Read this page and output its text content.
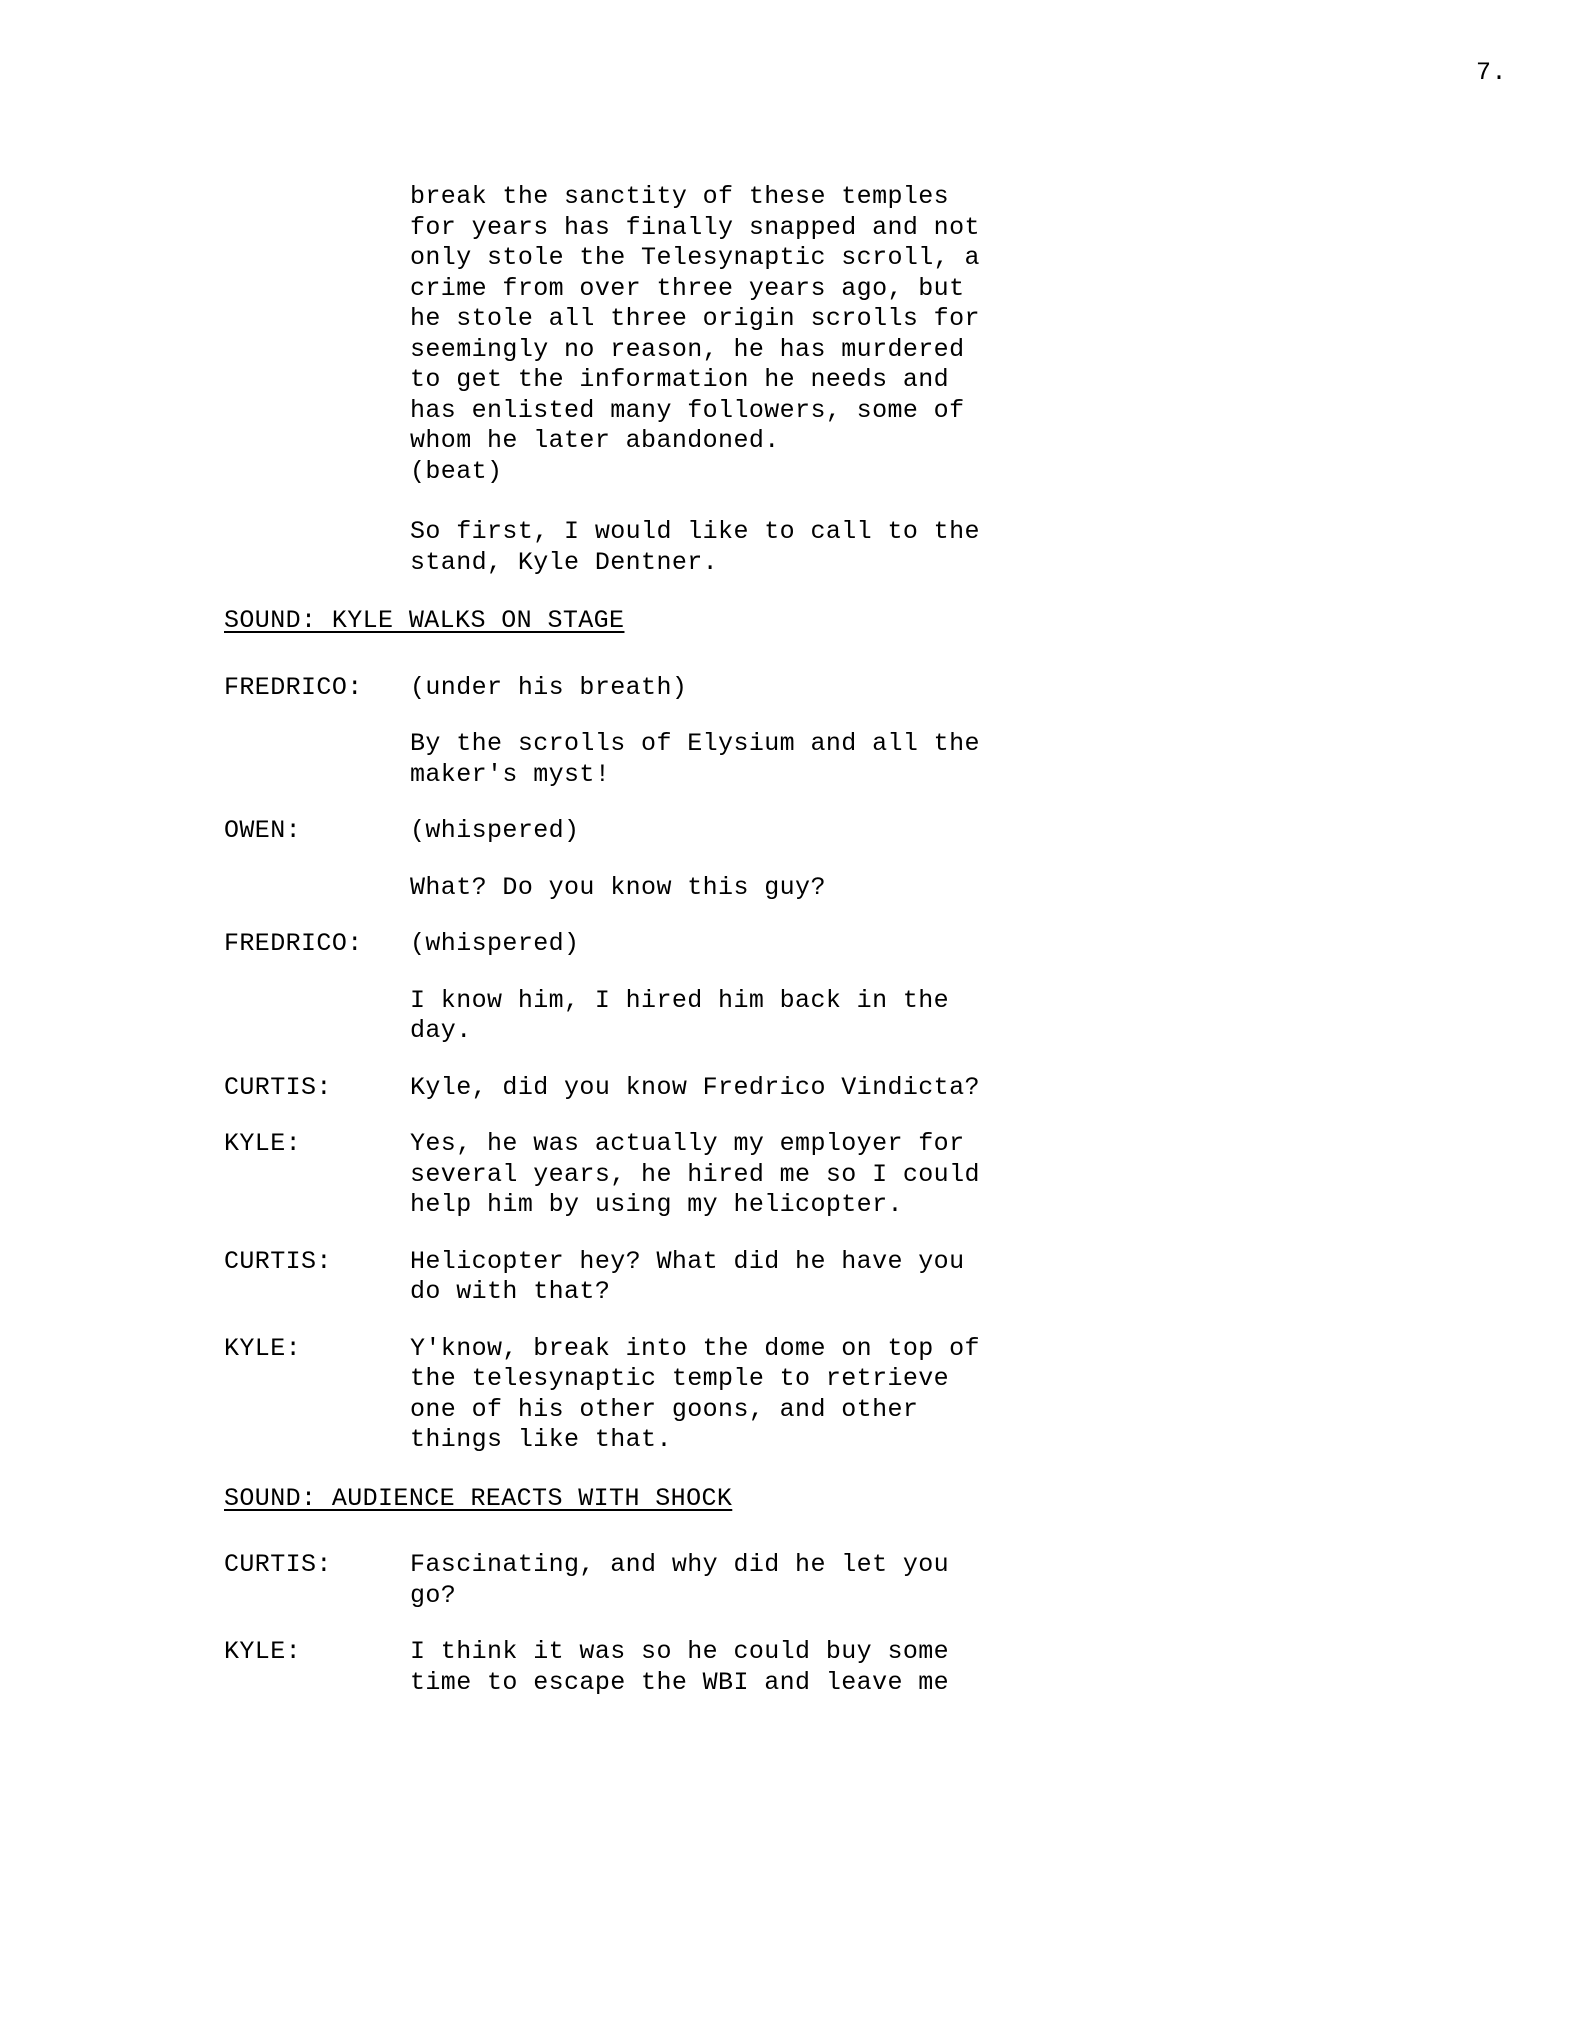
7.
break the sanctity of these temples
for years has finally snapped and not
only stole the Telesynaptic scroll, a
crime from over three years ago, but
he stole all three origin scrolls for
seemingly no reason, he has murdered
to get the information he needs and
has enlisted many followers, some of
whom he later abandoned.
(beat)
So first, I would like to call to the
stand, Kyle Dentner.
SOUND: KYLE WALKS ON STAGE
FREDRICO:	(under his breath)
By the scrolls of Elysium and all the
maker's myst!
OWEN:	(whispered)
What? Do you know this guy?
FREDRICO:	(whispered)
I know him, I hired him back in the
day.
CURTIS:	Kyle, did you know Fredrico Vindicta?
KYLE:	Yes, he was actually my employer for
several years, he hired me so I could
help him by using my helicopter.
CURTIS:	Helicopter hey? What did he have you
do with that?
KYLE:	Y'know, break into the dome on top of
the telesynaptic temple to retrieve
one of his other goons, and other
things like that.
SOUND: AUDIENCE REACTS WITH SHOCK
CURTIS:	Fascinating, and why did he let you
go?
KYLE:	I think it was so he could buy some
time to escape the WBI and leave me
